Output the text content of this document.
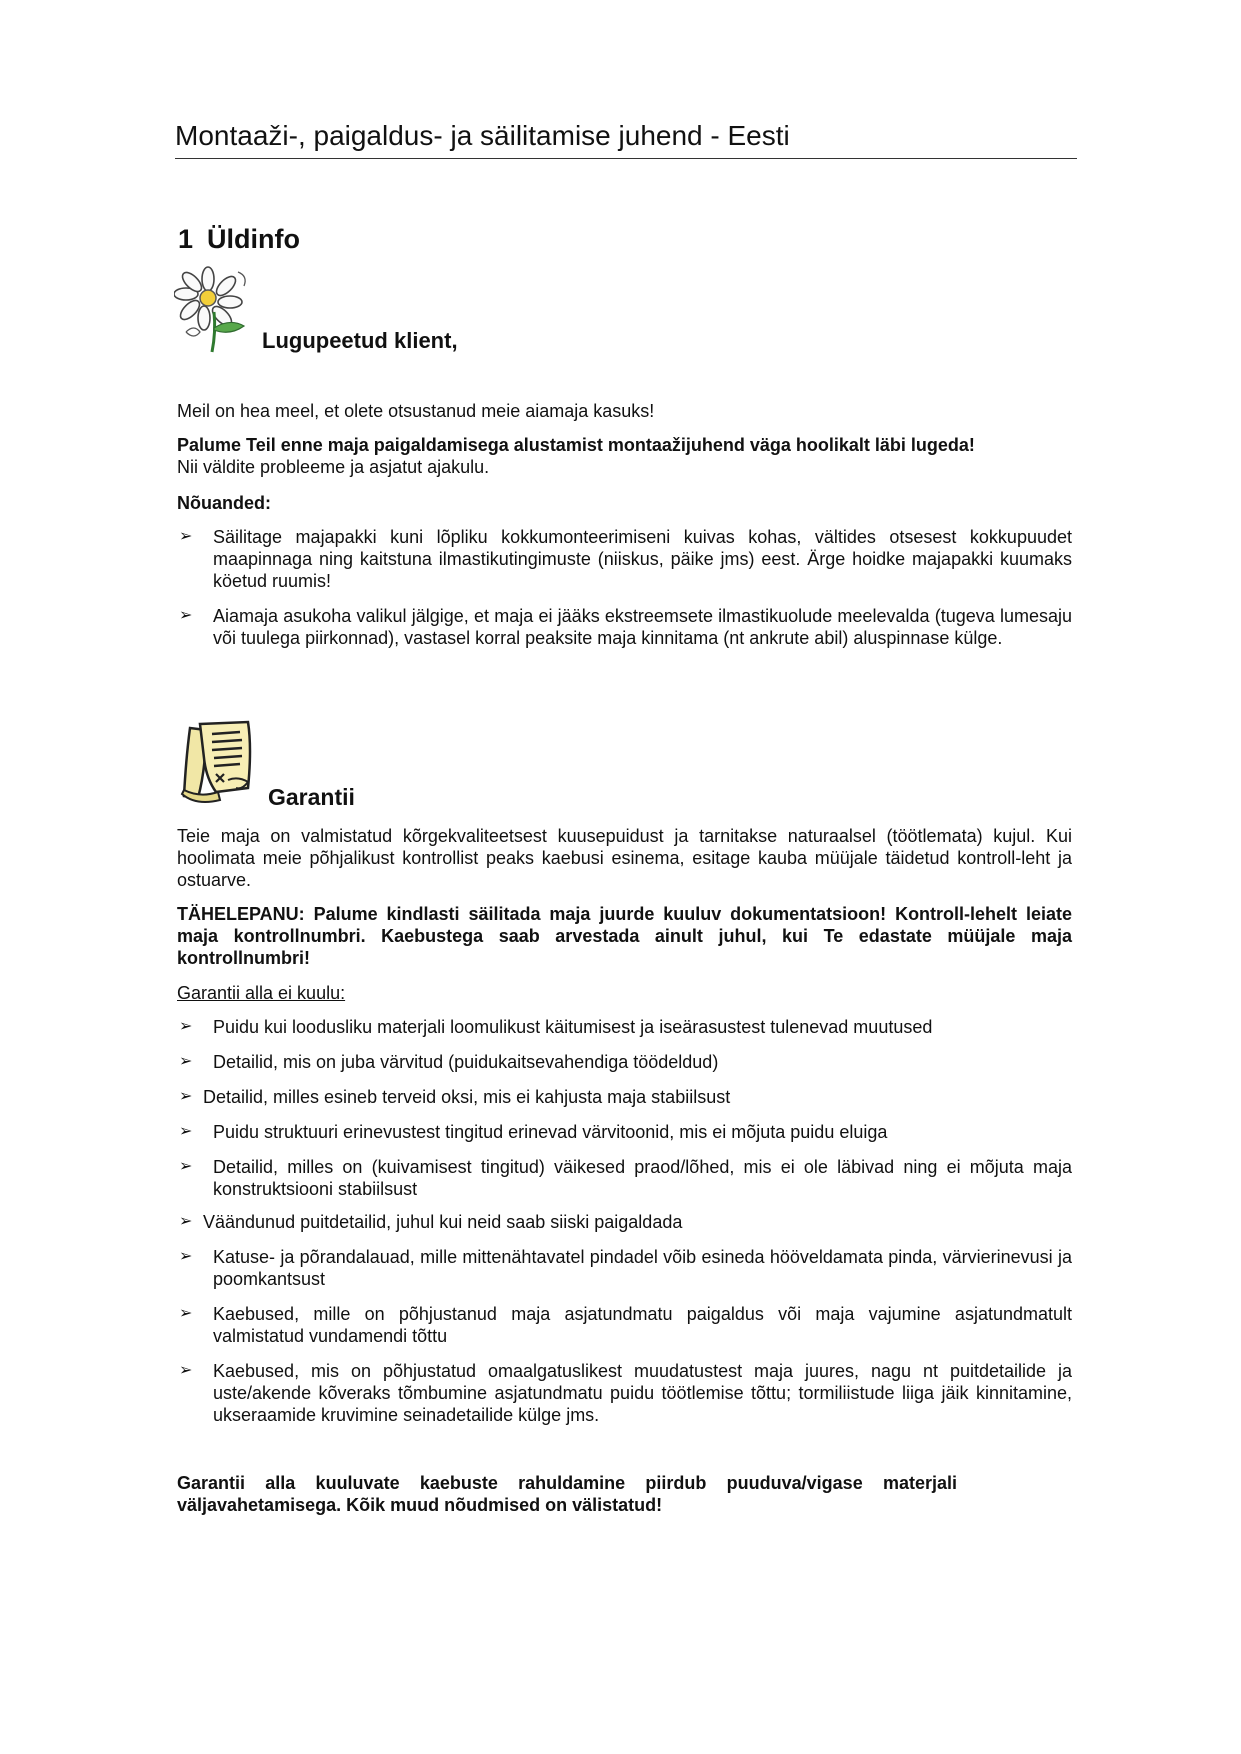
Montaaži-, paigaldus- ja säilitamise juhend - Eesti
1 Üldinfo
Lugupeetud klient,
Meil on hea meel, et olete otsustanud meie aiamaja kasuks!
Palume Teil enne maja paigaldamisega alustamist montaažijuhend väga hoolikalt läbi lugeda!
Nii väldite probleeme ja asjatut ajakulu.
Nõuanded:
➢ Säilitage majapakki kuni lõpliku kokkumonteerimiseni kuivas kohas, vältides otsesest kokkupuudet maapinnaga ning kaitstuna ilmastikutingimuste (niiskus, päike jms) eest. Ärge hoidke majapakki kuumaks köetud ruumis!
➢ Aiamaja asukoha valikul jälgige, et maja ei jääks ekstreemsete ilmastikuolude meelevalda (tugeva lumesaju või tuulega piirkonnad), vastasel korral peaksite maja kinnitama (nt ankrute abil) aluspinnase külge.
Garantii
Teie maja on valmistatud kõrgekvaliteetsest kuusepuidust ja tarnitakse naturaalsel (töötlemata) kujul. Kui hoolimata meie põhjalikust kontrollist peaks kaebusi esinema, esitage kauba müüjale täidetud kontroll-leht ja ostuarve.
TÄHELEPANU: Palume kindlasti säilitada maja juurde kuuluv dokumentatsioon! Kontroll-lehelt leiate maja kontrollnumbri. Kaebustega saab arvestada ainult juhul, kui Te edastate müüjale maja kontrollnumbri!
Garantii alla ei kuulu:
➢ Puidu kui loodusliku materjali loomulikust käitumisest ja iseärasustest tulenevad muutused
➢ Detailid, mis on juba värvitud (puidukaitsevahendiga töödeldud)
➢ Detailid, milles esineb terveid oksi, mis ei kahjusta maja stabiilsust
➢ Puidu struktuuri erinevustest tingitud erinevad värvitoonid, mis ei mõjuta puidu eluiga
➢ Detailid, milles on (kuivamisest tingitud) väikesed praod/lõhed, mis ei ole läbivad ning ei mõjuta maja konstruktsiooni stabiilsust
➢ Väändunud puitdetailid, juhul kui neid saab siiski paigaldada
➢ Katuse- ja põrandalauad, mille mittenähtavatel pindadel võib esineda hööveldamata pinda, värvierinevusi ja poomkantsust
➢ Kaebused, mille on põhjustanud maja asjatundmatu paigaldus või maja vajumine asjatundmatult valmistatud vundamendi tõttu
➢ Kaebused, mis on põhjustatud omaalgatuslikest muudatustest maja juures, nagu nt puitdetailide ja uste/akende kõveraks tõmbumine asjatundmatu puidu töötlemise tõttu; tormiliistude liiga jäik kinnitamine, ukseraamide kruvimine seinadetailide külge jms.
Garantii alla kuuluvate kaebuste rahuldamine piirdub puuduva/vigase materjali väljavahetamisega. Kõik muud nõudmised on välistatud!
